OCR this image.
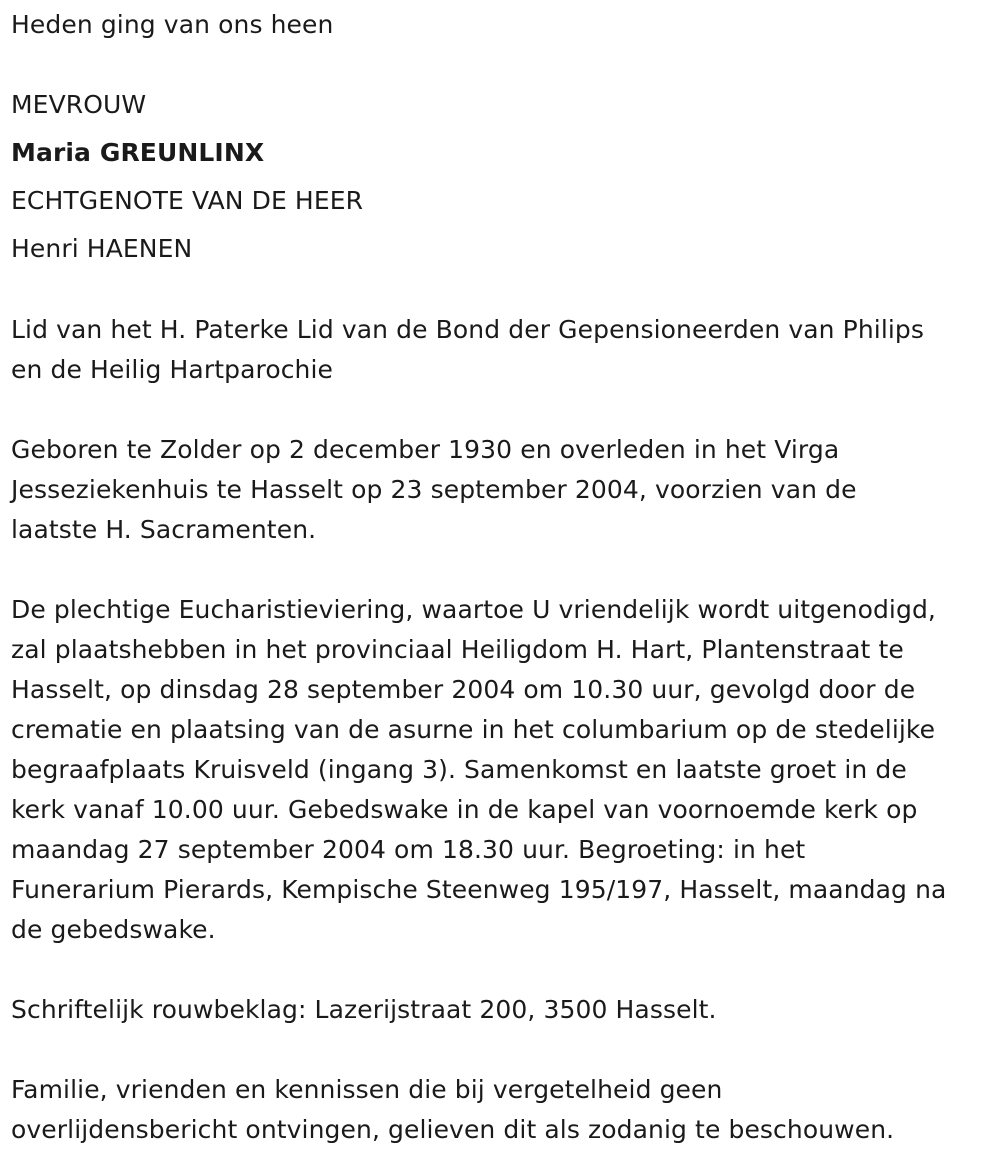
Heden ging van ons heen
MEVROUW
Maria GREUNLINX
ECHTGENOTE VAN DE HEER
Henri HAENEN
Lid van het H. Paterke Lid van de Bond der Gepensioneerden van Philips
en de Heilig Hartparochie
Geboren te Zolder op 2 december 1930 en overleden in het Virga
Jesseziekenhuis te Hasselt op 23 september 2004, voorzien van de
laatste H. Sacramenten.
De plechtige Eucharistieviering, waartoe U vriendelijk wordt uitgenodigd,
zal plaatshebben in het provinciaal Heiligdom H. Hart, Plantenstraat te
Hasselt, op dinsdag 28 september 2004 om 10.30 uur, gevolgd door de
crematie en plaatsing van de asurne in het columbarium op de stedelijke
begraafplaats Kruisveld (ingang 3). Samenkomst en laatste groet in de
kerk vanaf 10.00 uur. Gebedswake in de kapel van voornoemde kerk op
maandag 27 september 2004 om 18.30 uur. Begroeting: in het
Funerarium Pierards, Kempische Steenweg 195/197, Hasselt, maandag na
de gebedswake.
Schriftelijk rouwbeklag: Lazerijstraat 200, 3500 Hasselt.
Familie, vrienden en kennissen die bij vergetelheid geen
overlijdensbericht ontvingen, gelieven dit als zodanig te beschouwen.
